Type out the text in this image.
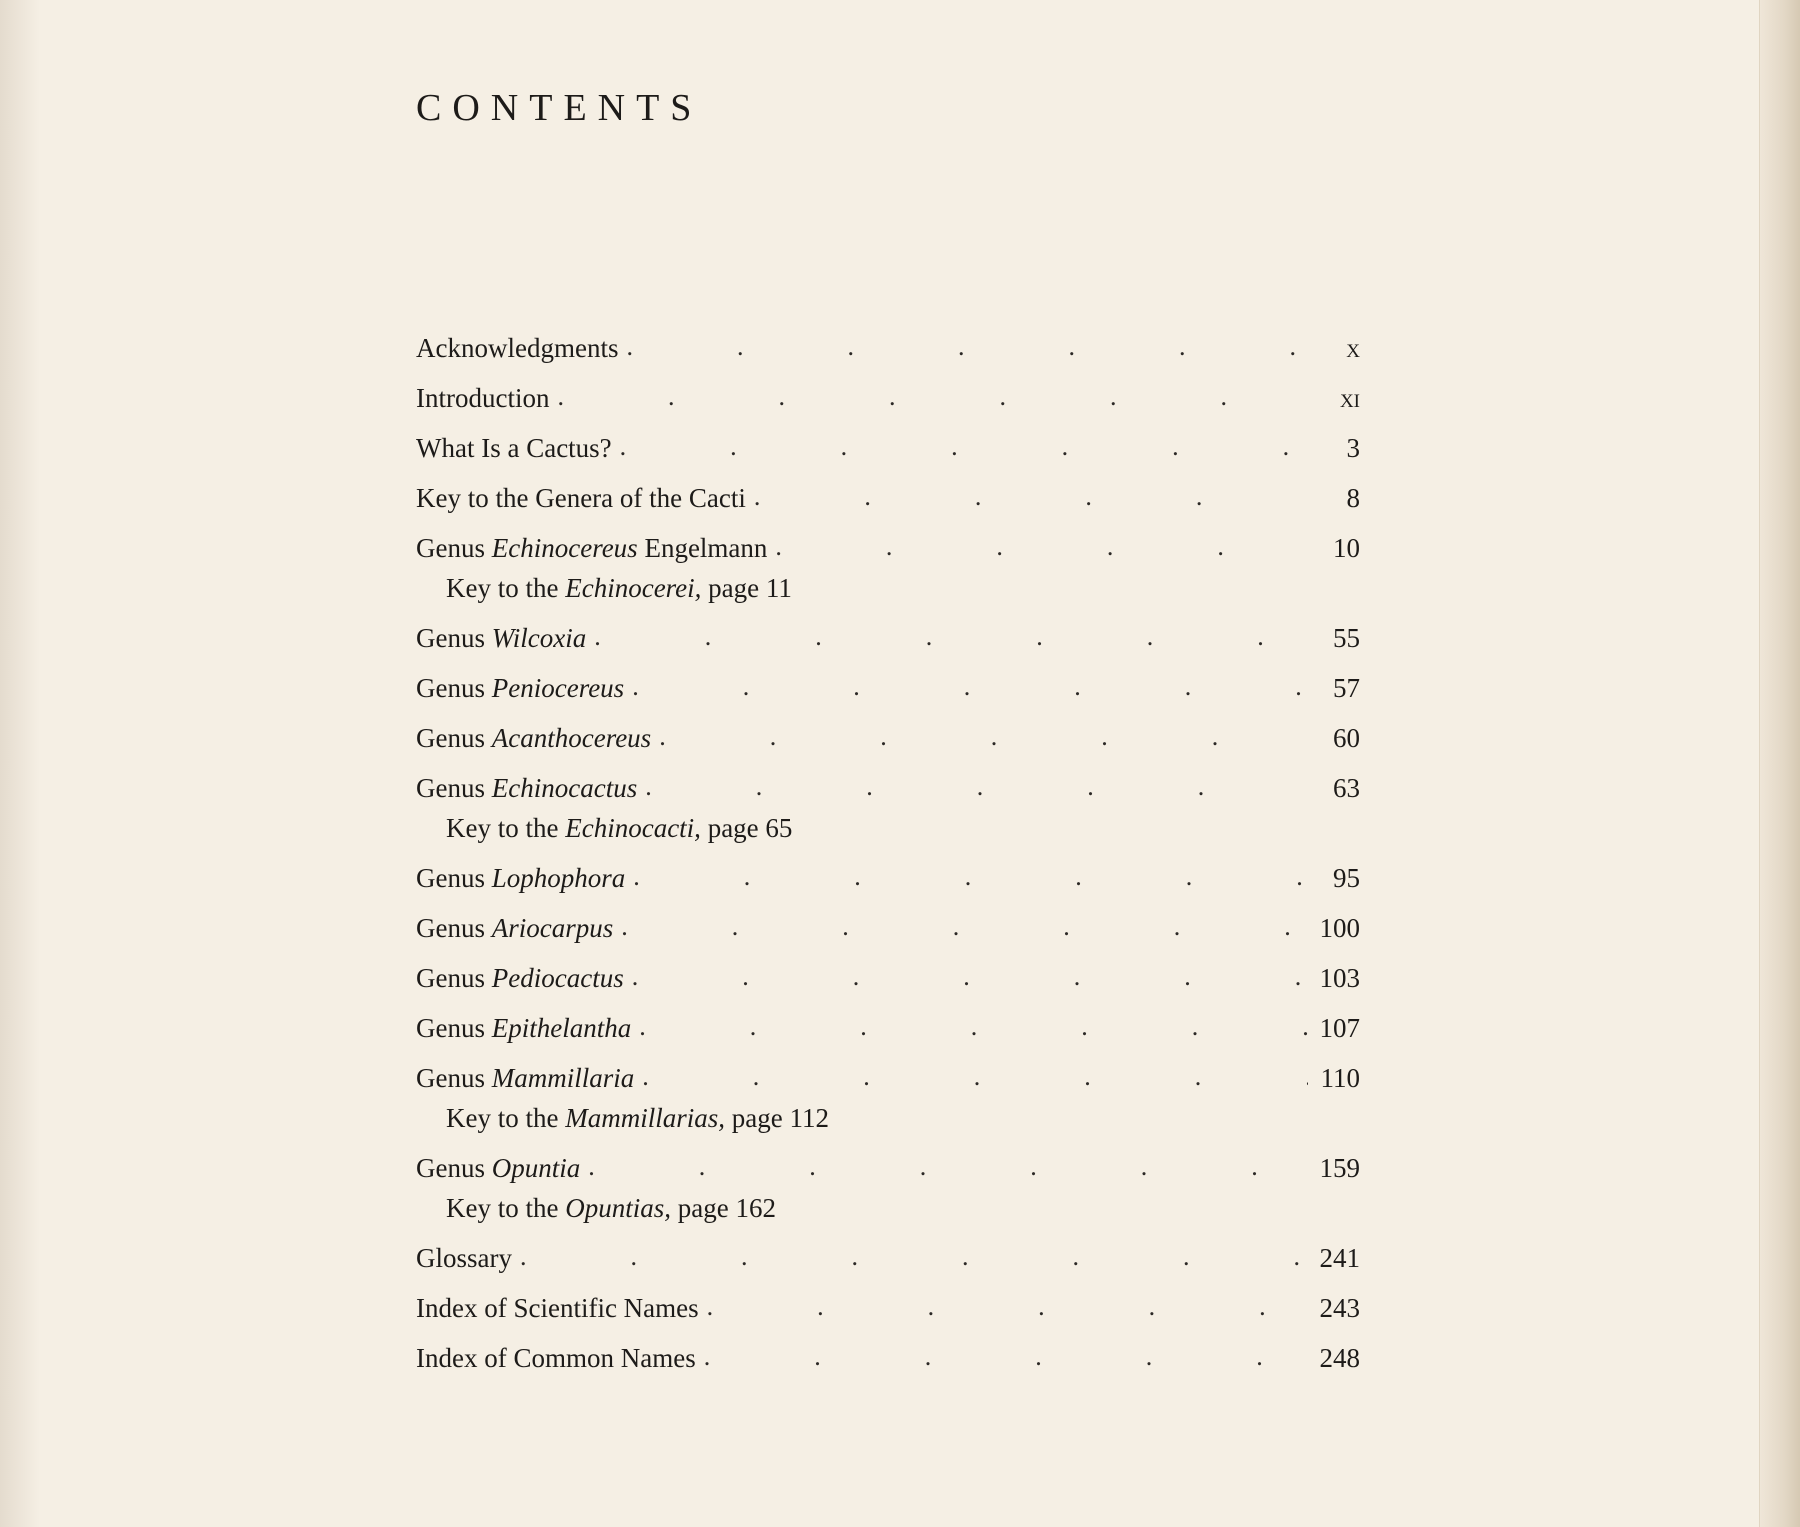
CONTENTS
Acknowledgments .	x
Introduction .	xi
What Is a Cactus? .	3
Key to the Genera of the Cacti .	8
Genus Echinocereus Engelmann .	10
Key to the Echinocerei, page 11
Genus Wilcoxia .	55
Genus Peniocereus .	57
Genus Acanthocereus .	60
Genus Echinocactus .	63
Key to the Echinocacti, page 65
Genus Lophophora .	95
Genus Ariocarpus .	100
Genus Pediocactus .	103
Genus Epithelantha .	107
Genus Mammillaria .	110
Key to the Mammillarias, page 112
Genus Opuntia .	159
Key to the Opuntias, page 162
Glossary .	241
Index of Scientific Names .	243
Index of Common Names .	248
